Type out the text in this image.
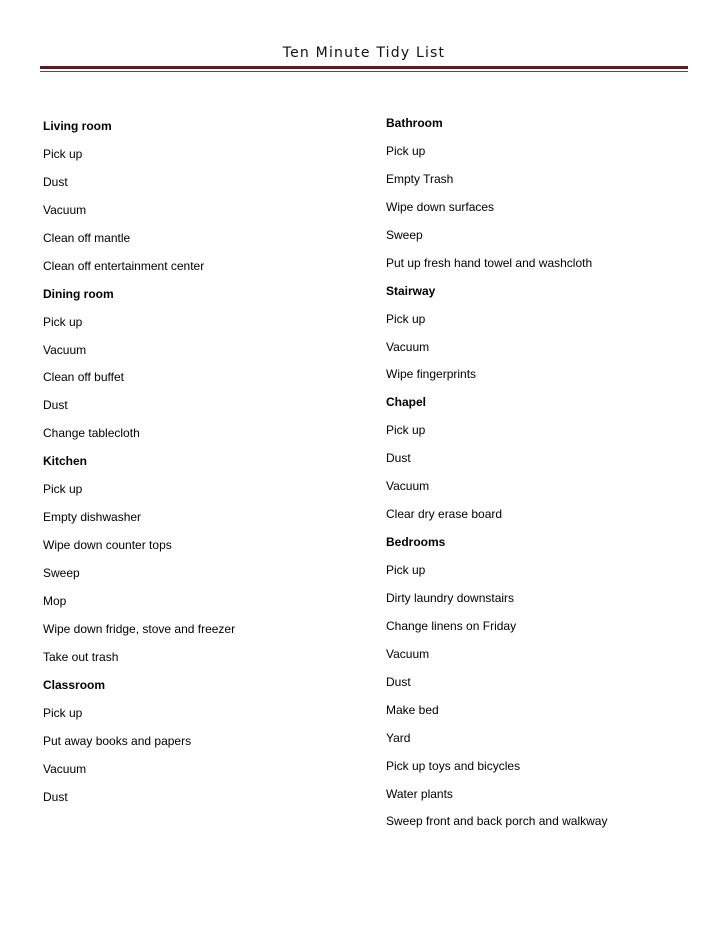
Ten Minute Tidy List
Living room
Pick up
Dust
Vacuum
Clean off mantle
Clean off entertainment center
Dining room
Pick up
Vacuum
Clean off buffet
Dust
Change tablecloth
Kitchen
Pick up
Empty dishwasher
Wipe down counter tops
Sweep
Mop
Wipe down fridge, stove and freezer
Take out trash
Classroom
Pick up
Put away books and papers
Vacuum
Dust
Bathroom
Pick up
Empty Trash
Wipe down surfaces
Sweep
Put up fresh hand towel and washcloth
Stairway
Pick up
Vacuum
Wipe fingerprints
Chapel
Pick up
Dust
Vacuum
Clear dry erase board
Bedrooms
Pick up
Dirty laundry downstairs
Change linens on Friday
Vacuum
Dust
Make bed
Yard
Pick up toys and bicycles
Water plants
Sweep front and back porch and walkway
